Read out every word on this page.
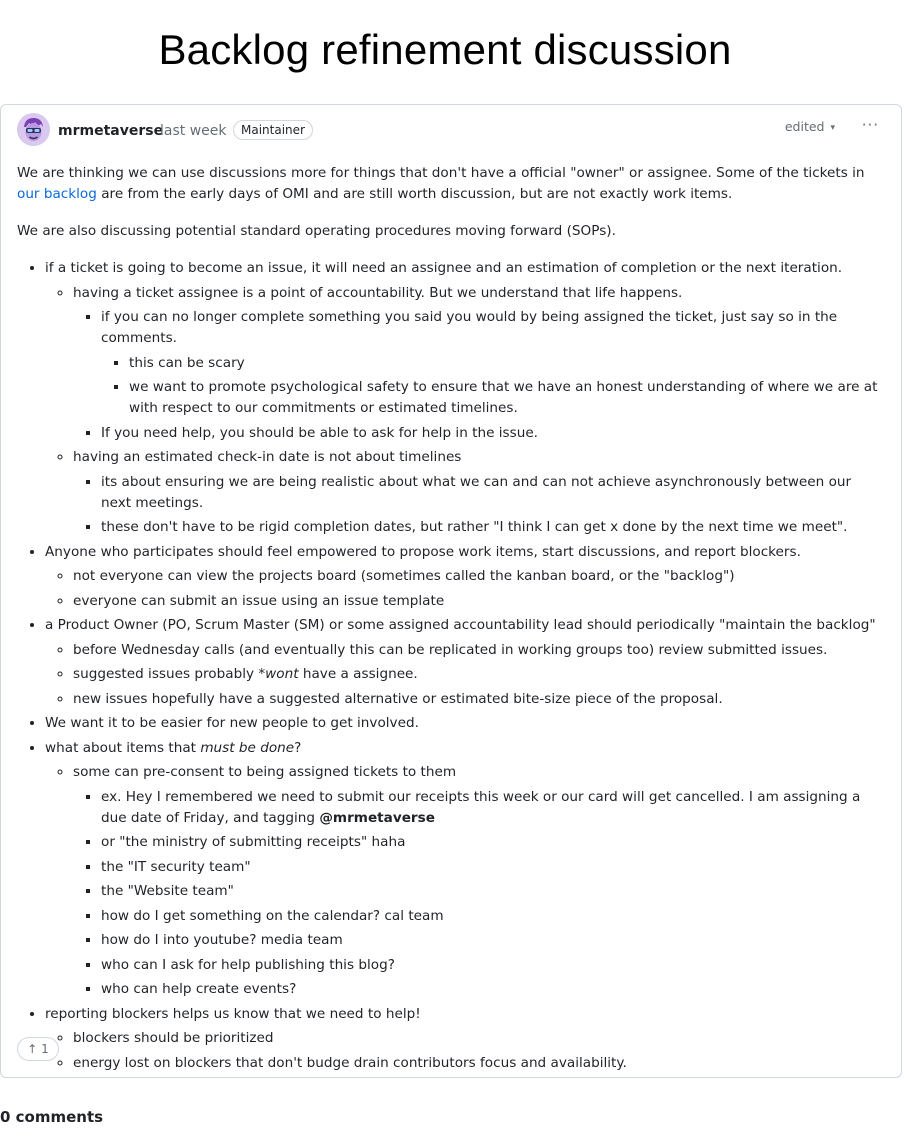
Backlog refinement discussion
mrmetaverse
last week	Maintainer	edited ▾ ···

We are thinking we can use discussions more for things that don't have a official "owner" or assignee. Some of the tickets in our backlog are from the early days of OMI and are still worth discussion, but are not exactly work items.

We are also discussing potential standard operating procedures moving forward (SOPs).

• if a ticket is going to become an issue, it will need an assignee and an estimation of completion or the next iteration.
◦ having a ticket assignee is a point of accountability. But we understand that life happens.
▪ if you can no longer complete something you said you would by being assigned the ticket, just say so in the comments.
▪ this can be scary
▪ we want to promote psychological safety to ensure that we have an honest understanding of where we are at with respect to our commitments or estimated timelines.
▪ If you need help, you should be able to ask for help in the issue.
◦ having an estimated check-in date is not about timelines
▪ its about ensuring we are being realistic about what we can and can not achieve asynchronously between our next meetings.
▪ these don't have to be rigid completion dates, but rather "I think I can get x done by the next time we meet".
• Anyone who participates should feel empowered to propose work items, start discussions, and report blockers.
◦ not everyone can view the projects board (sometimes called the kanban board, or the "backlog")
◦ everyone can submit an issue using an issue template
• a Product Owner (PO, Scrum Master (SM) or some assigned accountability lead should periodically "maintain the backlog"
◦ before Wednesday calls (and eventually this can be replicated in working groups too) review submitted issues.
◦ suggested issues probably *wont have a assignee.
◦ new issues hopefully have a suggested alternative or estimated bite-size piece of the proposal.
• We want it to be easier for new people to get involved.
• what about items that must be done?
◦ some can pre-consent to being assigned tickets to them
▪ ex. Hey I remembered we need to submit our receipts this week or our card will get cancelled. I am assigning a due date of Friday, and tagging @mrmetaverse
▪ or "the ministry of submitting receipts" haha
▪ the "IT security team"
▪ the "Website team"
▪ how do I get something on the calendar? cal team
▪ how do I into youtube? media team
▪ who can I ask for help publishing this blog?
▪ who can help create events?
• reporting blockers helps us know that we need to help!
◦ blockers should be prioritized
◦ energy lost on blockers that don't budge drain contributors focus and availability.
↑ 1
0 comments
